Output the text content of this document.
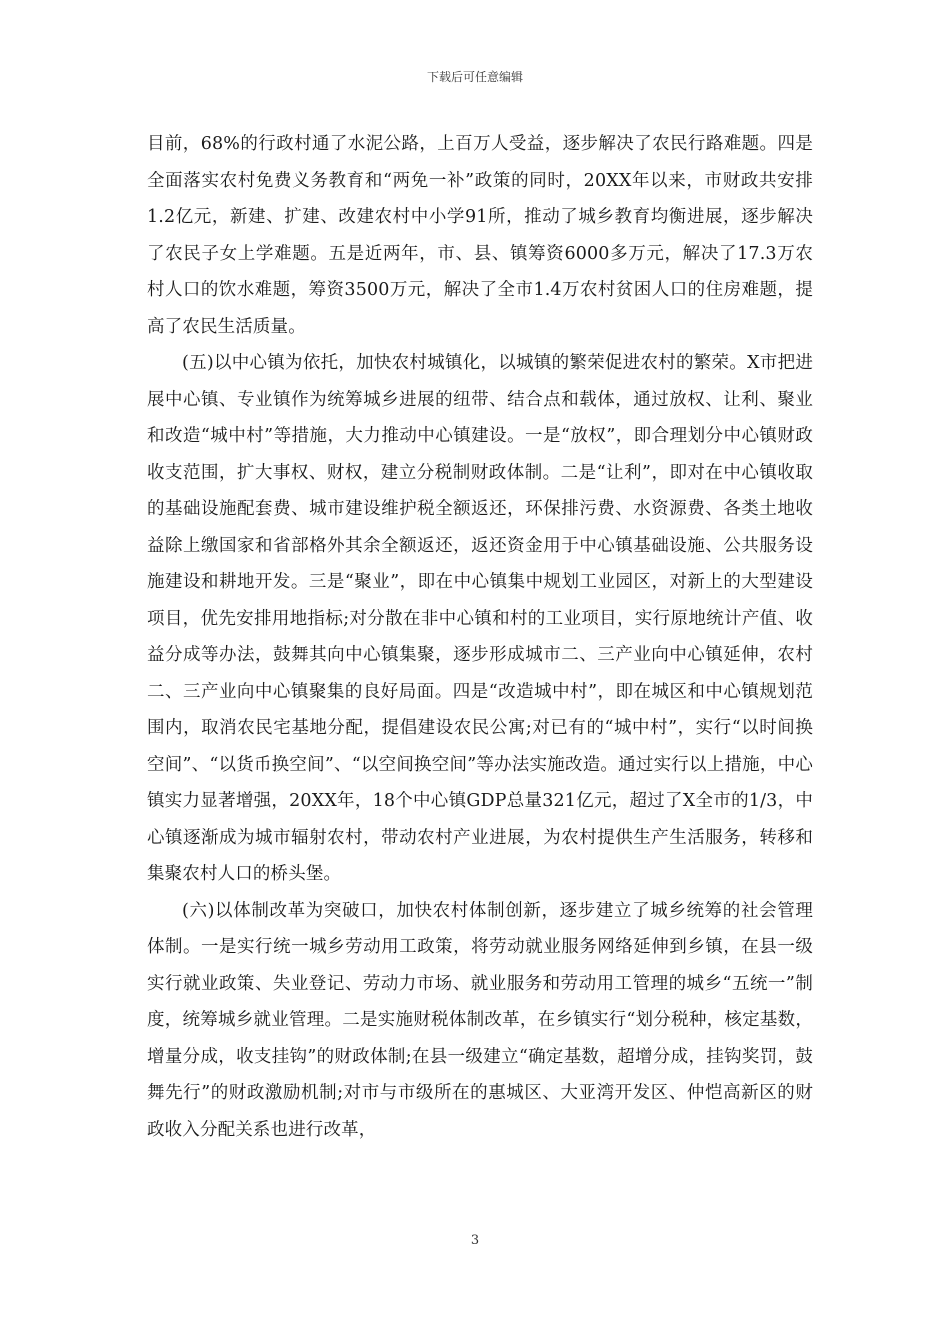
下载后可任意编辑

目前，68%的行政村通了水泥公路，上百万人受益，逐步解决了农民行路难题。四是全面落实农村免费义务教育和“两免一补”政策的同时，20XX年以来，市财政共安排1.2亿元，新建、扩建、改建农村中小学91所，推动了城乡教育均衡进展，逐步解决了农民子女上学难题。五是近两年，市、县、镇筹资6000多万元，解决了17.3万农村人口的饮水难题，筹资3500万元，解决了全市1.4万农村贫困人口的住房难题，提高了农民生活质量。

(五)以中心镇为依托，加快农村城镇化，以城镇的繁荣促进农村的繁荣。X市把进展中心镇、专业镇作为统筹城乡进展的纽带、结合点和载体，通过放权、让利、聚业和改造“城中村”等措施，大力推动中心镇建设。一是“放权”，即合理划分中心镇财政收支范围，扩大事权、财权，建立分税制财政体制。二是“让利”，即对在中心镇收取的基础设施配套费、城市建设维护税全额返还，环保排污费、水资源费、各类土地收益除上缴国家和省部格外其余全额返还，返还资金用于中心镇基础设施、公共服务设施建设和耕地开发。三是“聚业”，即在中心镇集中规划工业园区，对新上的大型建设项目，优先安排用地指标;对分散在非中心镇和村的工业项目，实行原地统计产值、收益分成等办法，鼓舞其向中心镇集聚，逐步形成城市二、三产业向中心镇延伸，农村二、三产业向中心镇聚集的良好局面。四是“改造城中村”，即在城区和中心镇规划范围内，取消农民宅基地分配，提倡建设农民公寓;对已有的“城中村”，实行“以时间换空间”、“以货币换空间”、“以空间换空间”等办法实施改造。通过实行以上措施，中心镇实力显著增强，20XX年，18个中心镇GDP总量321亿元，超过了X全市的1/3，中心镇逐渐成为城市辐射农村，带动农村产业进展，为农村提供生产生活服务，转移和集聚农村人口的桥头堡。

(六)以体制改革为突破口，加快农村体制创新，逐步建立了城乡统筹的社会管理体制。一是实行统一城乡劳动用工政策，将劳动就业服务网络延伸到乡镇，在县一级实行就业政策、失业登记、劳动力市场、就业服务和劳动用工管理的城乡“五统一”制度，统筹城乡就业管理。二是实施财税体制改革，在乡镇实行“划分税种，核定基数，增量分成，收支挂钩”的财政体制;在县一级建立“确定基数，超增分成，挂钩奖罚，鼓舞先行”的财政激励机制;对市与市级所在的惠城区、大亚湾开发区、仲恺高新区的财政收入分配关系也进行改革，

3
